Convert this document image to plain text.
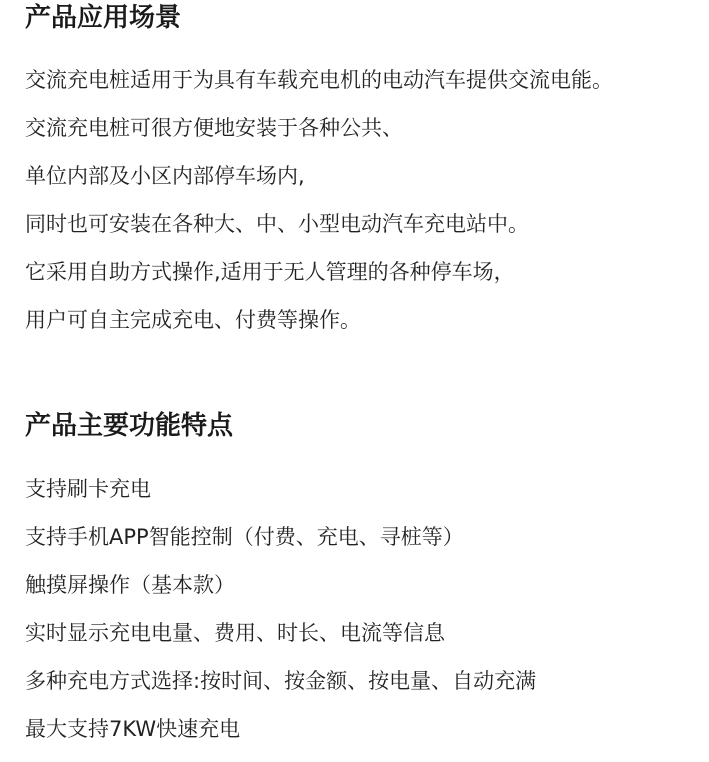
产品应用场景

交流充电桩适用于为具有车载充电机的电动汽车提供交流电能。

交流充电桩可很方便地安装于各种公共、

单位内部及小区内部停车场内,

同时也可安装在各种大、中、小型电动汽车充电站中。

它采用自助方式操作,适用于无人管理的各种停车场，

用户可自主完成充电、付费等操作。

产品主要功能特点

支持刷卡充电

支持手机APP智能控制（付费、充电、寻桩等）

触摸屏操作（基本款）

实时显示充电电量、费用、时长、电流等信息

多种充电方式选择:按时间、按金额、按电量、自动充满

最大支持7KW快速充电
